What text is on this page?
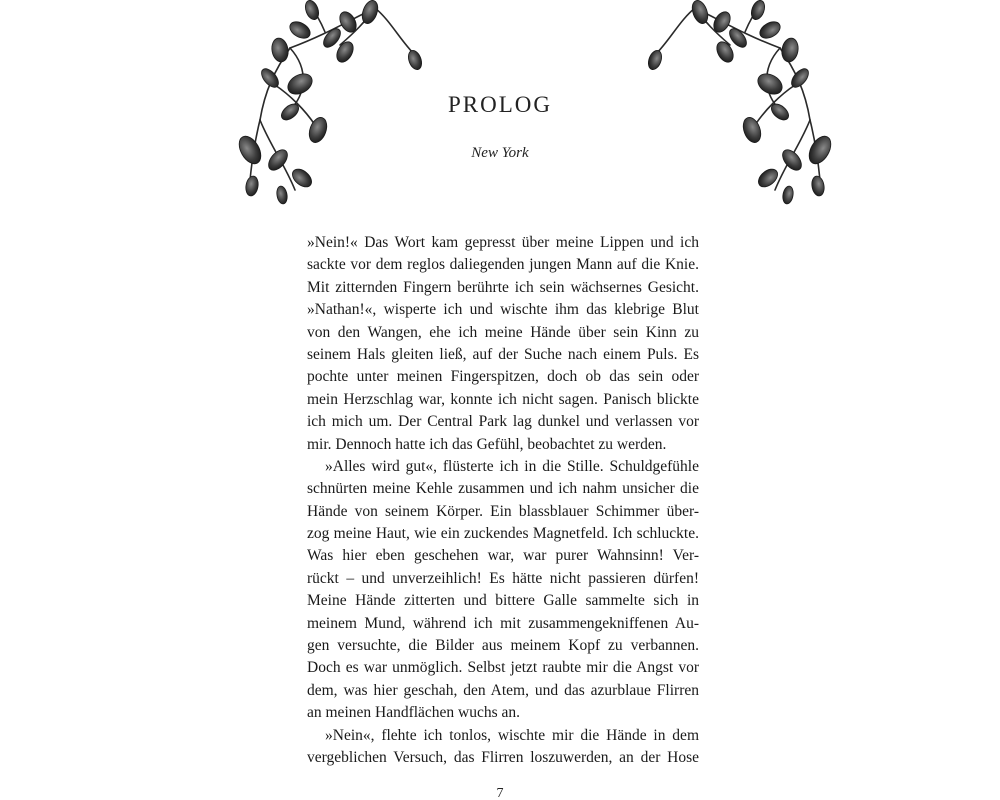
PROLOG
New York
»Nein!« Das Wort kam gepresst über meine Lippen und ich
sackte vor dem reglos daliegenden jungen Mann auf die Knie.
Mit zitternden Fingern berührte ich sein wächsernes Gesicht.
»Nathan!«, wisperte ich und wischte ihm das klebrige Blut
von den Wangen, ehe ich meine Hände über sein Kinn zu
seinem Hals gleiten ließ, auf der Suche nach einem Puls. Es
pochte unter meinen Fingerspitzen, doch ob das sein oder
mein Herzschlag war, konnte ich nicht sagen. Panisch blickte
ich mich um. Der Central Park lag dunkel und verlassen vor
mir. Dennoch hatte ich das Gefühl, beobachtet zu werden.
»Alles wird gut«, flüsterte ich in die Stille. Schuldgefühle
schnürten meine Kehle zusammen und ich nahm unsicher die
Hände von seinem Körper. Ein blassblauer Schimmer über-
zog meine Haut, wie ein zuckendes Magnetfeld. Ich schluckte.
Was hier eben geschehen war, war purer Wahnsinn! Ver-
rückt – und unverzeihlich! Es hätte nicht passieren dürfen!
Meine Hände zitterten und bittere Galle sammelte sich in
meinem Mund, während ich mit zusammengekniffenen Au-
gen versuchte, die Bilder aus meinem Kopf zu verbannen.
Doch es war unmöglich. Selbst jetzt raubte mir die Angst vor
dem, was hier geschah, den Atem, und das azurblaue Flirren
an meinen Handflächen wuchs an.
»Nein«, flehte ich tonlos, wischte mir die Hände in dem
vergeblichen Versuch, das Flirren loszuwerden, an der Hose
7
